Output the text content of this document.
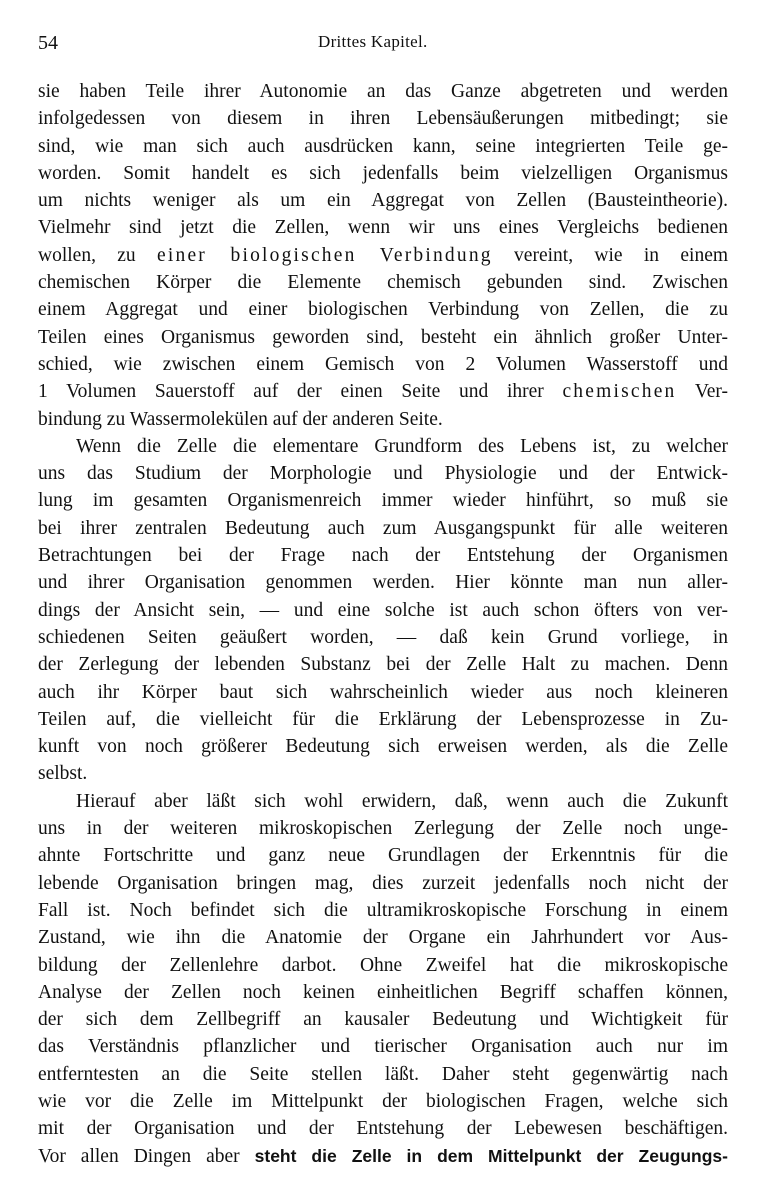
54	Drittes Kapitel.
sie haben Teile ihrer Autonomie an das Ganze abgetreten und werden
infolgedessen von diesem in ihren Lebensäußerungen mitbedingt; sie
sind, wie man sich auch ausdrücken kann, seine integrierten Teile ge-
worden. Somit handelt es sich jedenfalls beim vielzelligen Organismus
um nichts weniger als um ein Aggregat von Zellen (Bausteintheorie).
Vielmehr sind jetzt die Zellen, wenn wir uns eines Vergleichs bedienen
wollen, zu einer biologischen Verbindung vereint, wie in einem
chemischen Körper die Elemente chemisch gebunden sind. Zwischen
einem Aggregat und einer biologischen Verbindung von Zellen, die zu
Teilen eines Organismus geworden sind, besteht ein ähnlich großer Unter-
schied, wie zwischen einem Gemisch von 2 Volumen Wasserstoff und
1 Volumen Sauerstoff auf der einen Seite und ihrer chemischen Ver-
bindung zu Wassermolekülen auf der anderen Seite.
Wenn die Zelle die elementare Grundform des Lebens ist, zu welcher
uns das Studium der Morphologie und Physiologie und der Entwick-
lung im gesamten Organismenreich immer wieder hinführt, so muß sie
bei ihrer zentralen Bedeutung auch zum Ausgangspunkt für alle weiteren
Betrachtungen bei der Frage nach der Entstehung der Organismen
und ihrer Organisation genommen werden. Hier könnte man nun aller-
dings der Ansicht sein, — und eine solche ist auch schon öfters von ver-
schiedenen Seiten geäußert worden, — daß kein Grund vorliege, in
der Zerlegung der lebenden Substanz bei der Zelle Halt zu machen. Denn
auch ihr Körper baut sich wahrscheinlich wieder aus noch kleineren
Teilen auf, die vielleicht für die Erklärung der Lebensprozesse in Zu-
kunft von noch größerer Bedeutung sich erweisen werden, als die Zelle
selbst.
Hierauf aber läßt sich wohl erwidern, daß, wenn auch die Zukunft
uns in der weiteren mikroskopischen Zerlegung der Zelle noch unge-
ahnte Fortschritte und ganz neue Grundlagen der Erkenntnis für die
lebende Organisation bringen mag, dies zurzeit jedenfalls noch nicht der
Fall ist. Noch befindet sich die ultramikroskopische Forschung in einem
Zustand, wie ihn die Anatomie der Organe ein Jahrhundert vor Aus-
bildung der Zellenlehre darbot. Ohne Zweifel hat die mikroskopische
Analyse der Zellen noch keinen einheitlichen Begriff schaffen können,
der sich dem Zellbegriff an kausaler Bedeutung und Wichtigkeit für
das Verständnis pflanzlicher und tierischer Organisation auch nur im
entferntesten an die Seite stellen läßt. Daher steht gegenwärtig nach
wie vor die Zelle im Mittelpunkt der biologischen Fragen, welche sich
mit der Organisation und der Entstehung der Lebewesen beschäftigen.
Vor allen Dingen aber steht die Zelle in dem Mittelpunkt der Zeugungs-
